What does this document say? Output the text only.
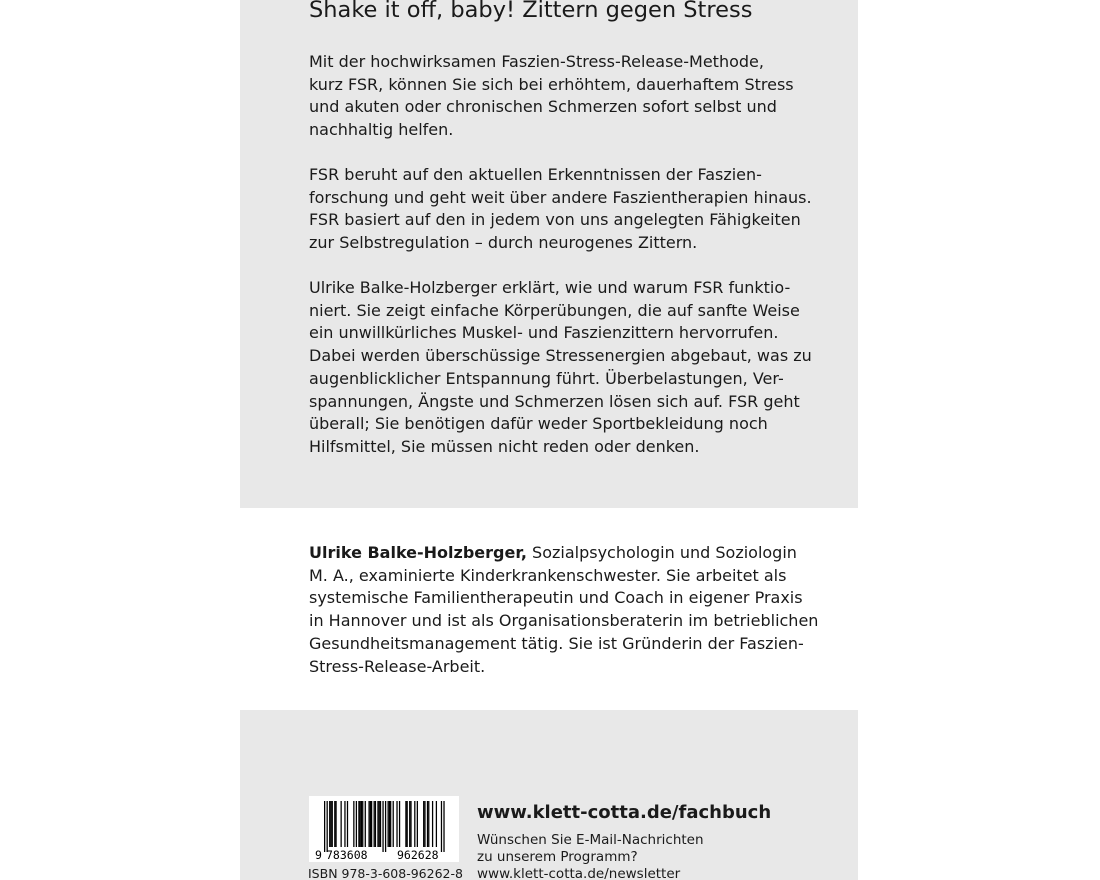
Shake it off, baby! Zittern gegen Stress

Mit der hochwirksamen Faszien-Stress-Release-Methode,
kurz FSR, können Sie sich bei erhöhtem, dauerhaftem Stress
und akuten oder chronischen Schmerzen sofort selbst und
nachhaltig helfen.

FSR beruht auf den aktuellen Erkenntnissen der Faszien-
forschung und geht weit über andere Faszientherapien hinaus.
FSR basiert auf den in jedem von uns angelegten Fähigkeiten
zur Selbstregulation – durch neurogenes Zittern.

Ulrike Balke-Holzberger erklärt, wie und warum FSR funktio-
niert. Sie zeigt einfache Körperübungen, die auf sanfte Weise
ein unwillkürliches Muskel- und Faszienzittern hervorrufen.
Dabei werden überschüssige Stressenergien abgebaut, was zu
augenblicklicher Entspannung führt. Überbelastungen, Ver-
spannungen, Ängste und Schmerzen lösen sich auf. FSR geht
überall; Sie benötigen dafür weder Sportbekleidung noch
Hilfsmittel, Sie müssen nicht reden oder denken.

Ulrike Balke-Holzberger, Sozialpsychologin und Soziologin
M. A., examinierte Kinderkrankenschwester. Sie arbeitet als
systemische Familientherapeutin und Coach in eigener Praxis
in Hannover und ist als Organisationsberaterin im betrieblichen
Gesundheitsmanagement tätig. Sie ist Gründerin der Faszien-
Stress-Release-Arbeit.

9 783608	962628
ISBN 978-3-608-96262-8
www.klett-cotta.de/fachbuch
Wünschen Sie E-Mail-Nachrichten
zu unserem Programm?
www.klett-cotta.de/newsletter
